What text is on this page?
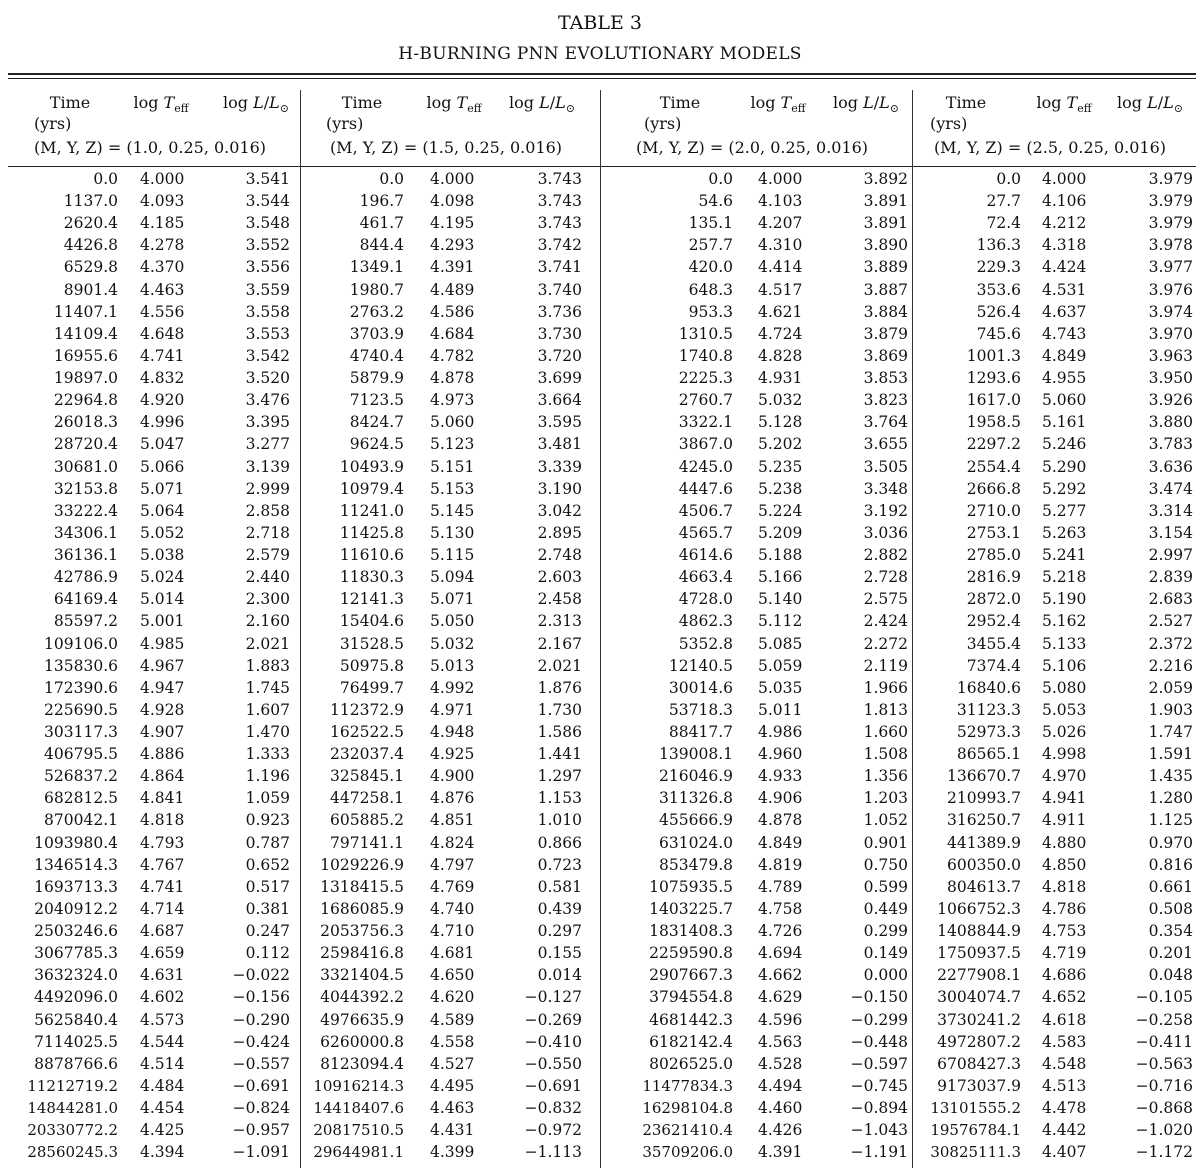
TABLE 3
H-BURNING PNN EVOLUTIONARY MODELS
Time
(yrs)
$\log T_{eff}$	$\log L/L_⊙$
(M, Y, Z) = (1.0, 0.25, 0.016)
0.0 4.000	3.541
1137.0 4.093	3.544
2620.4 4.185	3.548
4426.8 4.278	3.552
6529.8 4.370	3.556
8901.4 4.463	3.559
11407.1 4.556	3.558
14109.4 4.648	3.553
16955.6 4.741	3.542
19897.0 4.832	3.520
22964.8 4.920	3.476
26018.3 4.996	3.395
28720.4 5.047	3.277
30681.0 5.066	3.139
32153.8 5.071	2.999
33222.4 5.064	2.858
34306.1 5.052	2.718
36136.1 5.038	2.579
42786.9 5.024	2.440
64169.4 5.014	2.300
85597.2 5.001	2.160
109106.0 4.985	2.021
135830.6 4.967	1.883
172390.6 4.947	1.745
225690.5 4.928	1.607
303117.3 4.907	1.470
406795.5 4.886	1.333
526837.2 4.864	1.196
682812.5 4.841	1.059
870042.1 4.818	0.923
1093980.4 4.793	0.787
1346514.3 4.767	0.652
1693713.3 4.741	0.517
2040912.2 4.714	0.381
2503246.6 4.687	0.247
3067785.3 4.659	0.112
3632324.0 4.631	−0.022
4492096.0 4.602	−0.156
5625840.4 4.573	−0.290
7114025.5 4.544	−0.424
8878766.6 4.514	−0.557
11212719.2 4.484	−0.691
14844281.0 4.454	−0.824
20330772.2 4.425	−0.957
28560245.3 4.394	−1.091
Time
(yrs)
$\log T_{eff}$	$\log L/L_⊙$
(M, Y, Z) = (1.5, 0.25, 0.016)
0.0 4.000	3.743
196.7 4.098	3.743
461.7 4.195	3.743
844.4 4.293	3.742
1349.1 4.391	3.741
1980.7 4.489	3.740
2763.2 4.586	3.736
3703.9 4.684	3.730
4740.4 4.782	3.720
5879.9 4.878	3.699
7123.5 4.973	3.664
8424.7 5.060	3.595
9624.5 5.123	3.481
10493.9 5.151	3.339
10979.4 5.153	3.190
11241.0 5.145	3.042
11425.8 5.130	2.895
11610.6 5.115	2.748
11830.3 5.094	2.603
12141.3 5.071	2.458
15404.6 5.050	2.313
31528.5 5.032	2.167
50975.8 5.013	2.021
76499.7 4.992	1.876
112372.9 4.971	1.730
162522.5 4.948	1.586
232037.4 4.925	1.441
325845.1 4.900	1.297
447258.1 4.876	1.153
605885.2 4.851	1.010
797141.1 4.824	0.866
1029226.9 4.797	0.723
1318415.5 4.769	0.581
1686085.9 4.740	0.439
2053756.3 4.710	0.297
2598416.8 4.681	0.155
3321404.5 4.650	0.014
4044392.2 4.620	−0.127
4976635.9 4.589	−0.269
6260000.8 4.558	−0.410
8123094.4 4.527	−0.550
10916214.3 4.495	−0.691
14418407.6 4.463	−0.832
20817510.5 4.431	−0.972
29644981.1 4.399	−1.113
Time
(yrs)
$\log T_{eff}$	$\log L/L_⊙$
(M, Y, Z) = (2.0, 0.25, 0.016)
0.0 4.000	3.892
54.6 4.103	3.891
135.1 4.207	3.891
257.7 4.310	3.890
420.0 4.414	3.889
648.3 4.517	3.887
953.3 4.621	3.884
1310.5 4.724	3.879
1740.8 4.828	3.869
2225.3 4.931	3.853
2760.7 5.032	3.823
3322.1 5.128	3.764
3867.0 5.202	3.655
4245.0 5.235	3.505
4447.6 5.238	3.348
4506.7 5.224	3.192
4565.7 5.209	3.036
4614.6 5.188	2.882
4663.4 5.166	2.728
4728.0 5.140	2.575
4862.3 5.112	2.424
5352.8 5.085	2.272
12140.5 5.059	2.119
30014.6 5.035	1.966
53718.3 5.011	1.813
88417.7 4.986	1.660
139008.1 4.960	1.508
216046.9 4.933	1.356
311326.8 4.906	1.203
455666.9 4.878	1.052
631024.0 4.849	0.901
853479.8 4.819	0.750
1075935.5 4.789	0.599
1403225.7 4.758	0.449
1831408.3 4.726	0.299
2259590.8 4.694	0.149
2907667.3 4.662	0.000
3794554.8 4.629	−0.150
4681442.3 4.596	−0.299
6182142.4 4.563	−0.448
8026525.0 4.528	−0.597
11477834.3 4.494	−0.745
16298104.8 4.460	−0.894
23621410.4 4.426	−1.043
35709206.0 4.391	−1.191
Time
(yrs)
$\log T_{eff}$	$\log L/L_⊙$
(M, Y, Z) = (2.5, 0.25, 0.016)
0.0 4.000	3.979
27.7 4.106	3.979
72.4 4.212	3.979
136.3 4.318	3.978
229.3 4.424	3.977
353.6 4.531	3.976
526.4 4.637	3.974
745.6 4.743	3.970
1001.3 4.849	3.963
1293.6 4.955	3.950
1617.0 5.060	3.926
1958.5 5.161	3.880
2297.2 5.246	3.783
2554.4 5.290	3.636
2666.8 5.292	3.474
2710.0 5.277	3.314
2753.1 5.263	3.154
2785.0 5.241	2.997
2816.9 5.218	2.839
2872.0 5.190	2.683
2952.4 5.162	2.527
3455.4 5.133	2.372
7374.4 5.106	2.216
16840.6 5.080	2.059
31123.3 5.053	1.903
52973.3 5.026	1.747
86565.1 4.998	1.591
136670.7 4.970	1.435
210993.7 4.941	1.280
316250.7 4.911	1.125
441389.9 4.880	0.970
600350.0 4.850	0.816
804613.7 4.818	0.661
1066752.3 4.786	0.508
1408844.9 4.753	0.354
1750937.5 4.719	0.201
2277908.1 4.686	0.048
3004074.7 4.652	−0.105
3730241.2 4.618	−0.258
4972807.2 4.583	−0.411
6708427.3 4.548	−0.563
9173037.9 4.513	−0.716
13101555.2 4.478	−0.868
19576784.1 4.442	−1.020
30825111.3 4.407	−1.172
